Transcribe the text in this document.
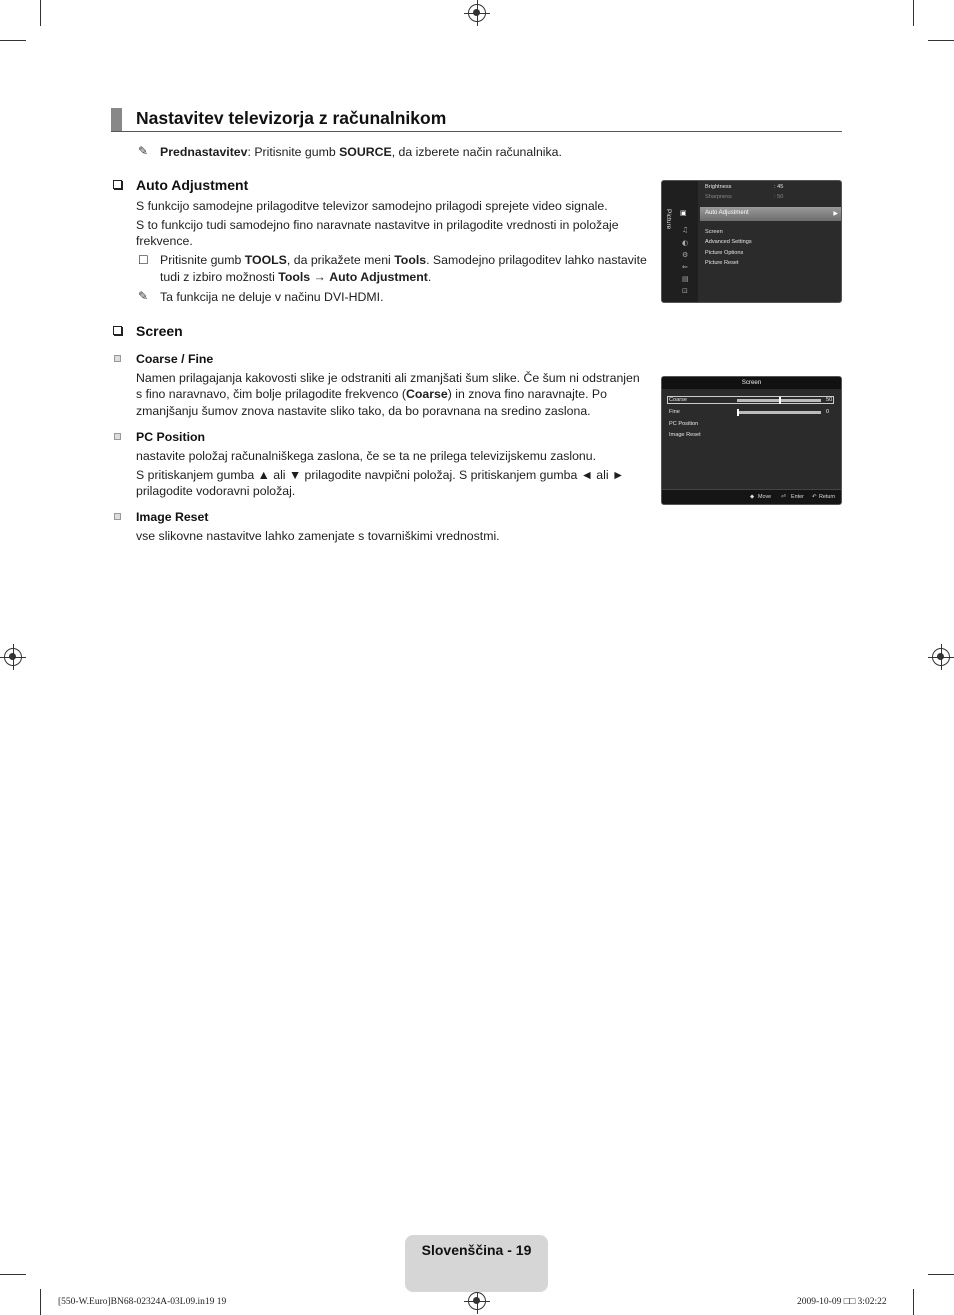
Nastavitev televizorja z računalnikom
✎ Prednastavitev: Pritisnite gumb SOURCE, da izberete način računalnika.
Auto Adjustment
S funkcijo samodejne prilagoditve televizor samodejno prilagodi sprejete video signale.
S to funkcijo tudi samodejno fino naravnate nastavitve in prilagodite vrednosti in položaje
frekvence.
☐ Pritisnite gumb TOOLS, da prikažete meni Tools. Samodejno prilagoditev lahko nastavite
tudi z izbiro možnosti Tools → Auto Adjustment.
✎ Ta funkcija ne deluje v načinu DVI-HDMI.
Picture ▣
♫
◐
⚙
⇐
▤
⊡
Brightness	: 45
Sharpness	: 50
Auto Adjustment	▶
Screen
Advanced Settings
Picture Options
Picture Reset
Screen
Coarse / Fine
Namen prilagajanja kakovosti slike je odstraniti ali zmanjšati šum slike. Če šum ni odstranjen
s fino naravnavo, čim bolje prilagodite frekvenco (Coarse) in znova fino naravnajte. Po
zmanjšanju šumov znova nastavite sliko tako, da bo poravnana na sredino zaslona.
PC Position
nastavite položaj računalniškega zaslona, če se ta ne prilega televizijskemu zaslonu.
S pritiskanjem gumba ▲ ali ▼ prilagodite navpični položaj. S pritiskanjem gumba ◄ ali ►
prilagodite vodoravni položaj.
Image Reset
vse slikovne nastavitve lahko zamenjate s tovarniškimi vrednostmi.
Screen
Coarse	50
Fine	0
PC Position
Image Reset
◆ Move ⏎ Enter ↶ Return
Slovenščina - 19
[550-W.Euro]BN68-02324A-03L09.in19 19	2009-10-09 □□ 3:02:22
